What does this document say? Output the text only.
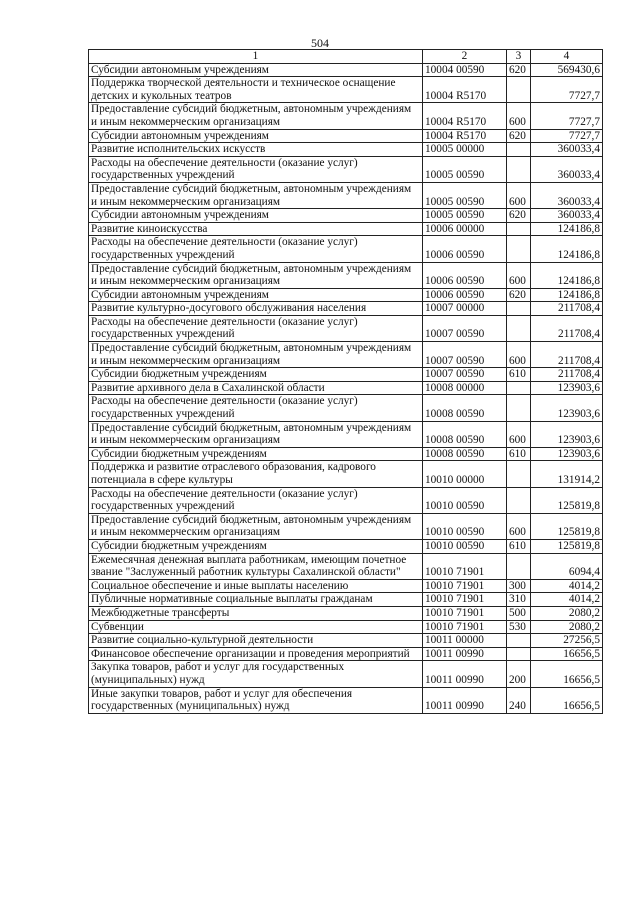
504
1	2	3	4
Субсидии автономным учреждениям	10004 00590	620	569430,6
Поддержка творческой деятельности и техническое оснащение детских и кукольных театров	10004 R5170		7727,7
Предоставление субсидий бюджетным, автономным учреждениям и иным некоммерческим организациям	10004 R5170	600	7727,7
Субсидии автономным учреждениям	10004 R5170	620	7727,7
Развитие исполнительских искусств	10005 00000		360033,4
Расходы на обеспечение деятельности (оказание услуг) государственных учреждений	10005 00590		360033,4
Предоставление субсидий бюджетным, автономным учреждениям и иным некоммерческим организациям	10005 00590	600	360033,4
Субсидии автономным учреждениям	10005 00590	620	360033,4
Развитие киноискусства	10006 00000		124186,8
Расходы на обеспечение деятельности (оказание услуг) государственных учреждений	10006 00590		124186,8
Предоставление субсидий бюджетным, автономным учреждениям и иным некоммерческим организациям	10006 00590	600	124186,8
Субсидии автономным учреждениям	10006 00590	620	124186,8
Развитие культурно-досугового обслуживания населения	10007 00000		211708,4
Расходы на обеспечение деятельности (оказание услуг) государственных учреждений	10007 00590		211708,4
Предоставление субсидий бюджетным, автономным учреждениям и иным некоммерческим организациям	10007 00590	600	211708,4
Субсидии бюджетным учреждениям	10007 00590	610	211708,4
Развитие архивного дела в Сахалинской области	10008 00000		123903,6
Расходы на обеспечение деятельности (оказание услуг) государственных учреждений	10008 00590		123903,6
Предоставление субсидий бюджетным, автономным учреждениям и иным некоммерческим организациям	10008 00590	600	123903,6
Субсидии бюджетным учреждениям	10008 00590	610	123903,6
Поддержка и развитие отраслевого образования, кадрового потенциала в сфере культуры	10010 00000		131914,2
Расходы на обеспечение деятельности (оказание услуг) государственных учреждений	10010 00590		125819,8
Предоставление субсидий бюджетным, автономным учреждениям и иным некоммерческим организациям	10010 00590	600	125819,8
Субсидии бюджетным учреждениям	10010 00590	610	125819,8
Ежемесячная денежная выплата работникам, имеющим почетное звание "Заслуженный работник культуры Сахалинской области"	10010 71901		6094,4
Социальное обеспечение и иные выплаты населению	10010 71901	300	4014,2
Публичные нормативные социальные выплаты гражданам	10010 71901	310	4014,2
Межбюджетные трансферты	10010 71901	500	2080,2
Субвенции	10010 71901	530	2080,2
Развитие социально-культурной деятельности	10011 00000		27256,5
Финансовое обеспечение организации и проведения мероприятий	10011 00990		16656,5
Закупка товаров, работ и услуг для государственных (муниципальных) нужд	10011 00990	200	16656,5
Иные закупки товаров, работ и услуг для обеспечения государственных (муниципальных) нужд	10011 00990	240	16656,5
